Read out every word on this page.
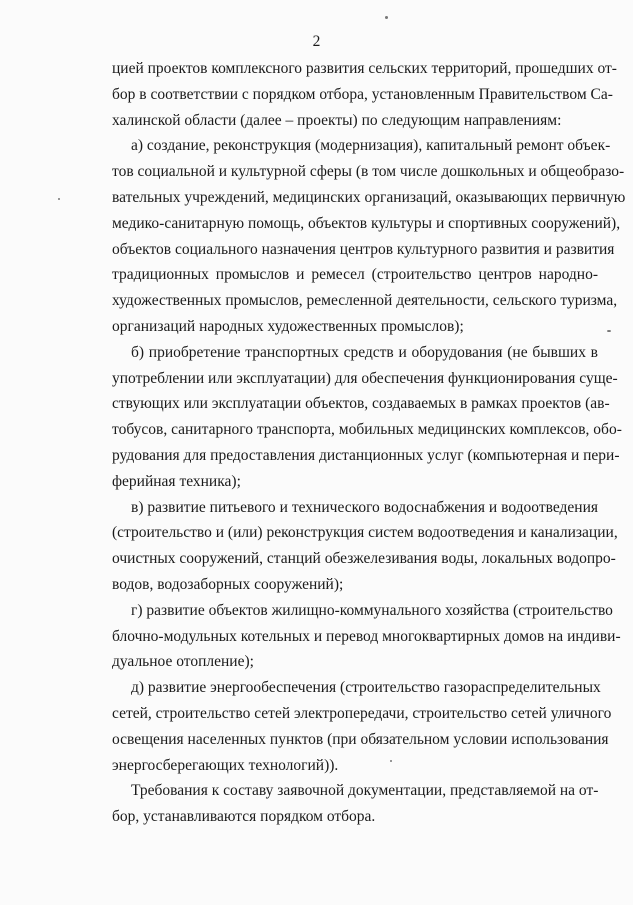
2
цией проектов комплексного развития сельских территорий, прошедших от-
бор в соответствии с порядком отбора, установленным Правительством Са-
халинской области (далее – проекты) по следующим направлениям:
а) создание, реконструкция (модернизация), капитальный ремонт объек-
тов социальной и культурной сферы (в том числе дошкольных и общеобразо-
вательных учреждений, медицинских организаций, оказывающих первичную
медико-санитарную помощь, объектов культуры и спортивных сооружений),
объектов социального назначения центров культурного развития и развития
традиционных промыслов и ремесел (строительство центров народно-
художественных промыслов, ремесленной деятельности, сельского туризма,
организаций народных художественных промыслов);
б) приобретение транспортных средств и оборудования (не бывших в
употреблении или эксплуатации) для обеспечения функционирования суще-
ствующих или эксплуатации объектов, создаваемых в рамках проектов (ав-
тобусов, санитарного транспорта, мобильных медицинских комплексов, обо-
рудования для предоставления дистанционных услуг (компьютерная и пери-
ферийная техника);
в) развитие питьевого и технического водоснабжения и водоотведения
(строительство и (или) реконструкция систем водоотведения и канализации,
очистных сооружений, станций обезжелезивания воды, локальных водопро-
водов, водозаборных сооружений);
г) развитие объектов жилищно-коммунального хозяйства (строительство
блочно-модульных котельных и перевод многоквартирных домов на индиви-
дуальное отопление);
д) развитие энергообеспечения (строительство газораспределительных
сетей, строительство сетей электропередачи, строительство сетей уличного
освещения населенных пунктов (при обязательном условии использования
энергосберегающих технологий)).
Требования к составу заявочной документации, представляемой на от-
бор, устанавливаются порядком отбора.
